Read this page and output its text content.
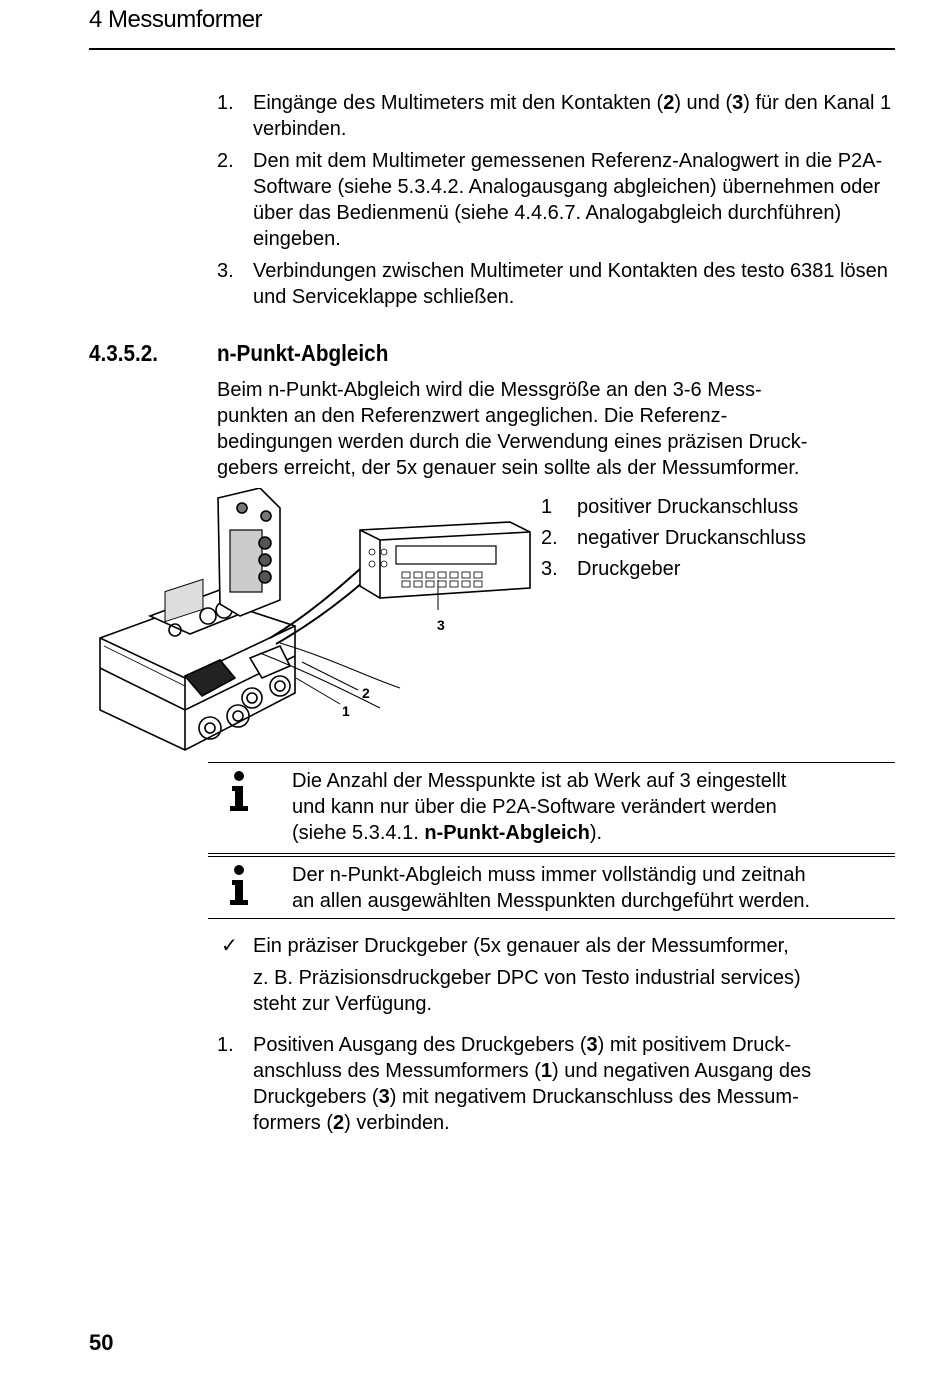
4 Messumformer
1. Eingänge des Multimeters mit den Kontakten (2) und (3) für den Kanal 1 verbinden.
2. Den mit dem Multimeter gemessenen Referenz-Analogwert in die P2A-Software (siehe 5.3.4.2. Analogausgang abgleichen) übernehmen oder über das Bedienmenü (siehe 4.4.6.7. Analogabgleich durchführen) eingeben.
3. Verbindungen zwischen Multimeter und Kontakten des testo 6381 lösen und Serviceklappe schließen.
4.3.5.2.	n-Punkt-Abgleich
Beim n-Punkt-Abgleich wird die Messgröße an den 3-6 Mess-
punkten an den Referenzwert angeglichen. Die Referenz-
bedingungen werden durch die Verwendung eines präzisen Druck-
gebers erreicht, der 5x genauer sein sollte als der Messumformer.
3
2
1
1 positiver Druckanschluss
2. negativer Druckanschluss
3. Druckgeber
Die Anzahl der Messpunkte ist ab Werk auf 3 eingestellt
und kann nur über die P2A-Software verändert werden
(siehe 5.3.4.1. n-Punkt-Abgleich).
Der n-Punkt-Abgleich muss immer vollständig und zeitnah
an allen ausgewählten Messpunkten durchgeführt werden.
✓ Ein präziser Druckgeber (5x genauer als der Messumformer,
z. B. Präzisionsdruckgeber DPC von Testo industrial services)
steht zur Verfügung.
1. Positiven Ausgang des Druckgebers (3) mit positivem Druck-
anschluss des Messumformers (1) und negativen Ausgang des
Druckgebers (3) mit negativem Druckanschluss des Messum-
formers (2) verbinden.
50
